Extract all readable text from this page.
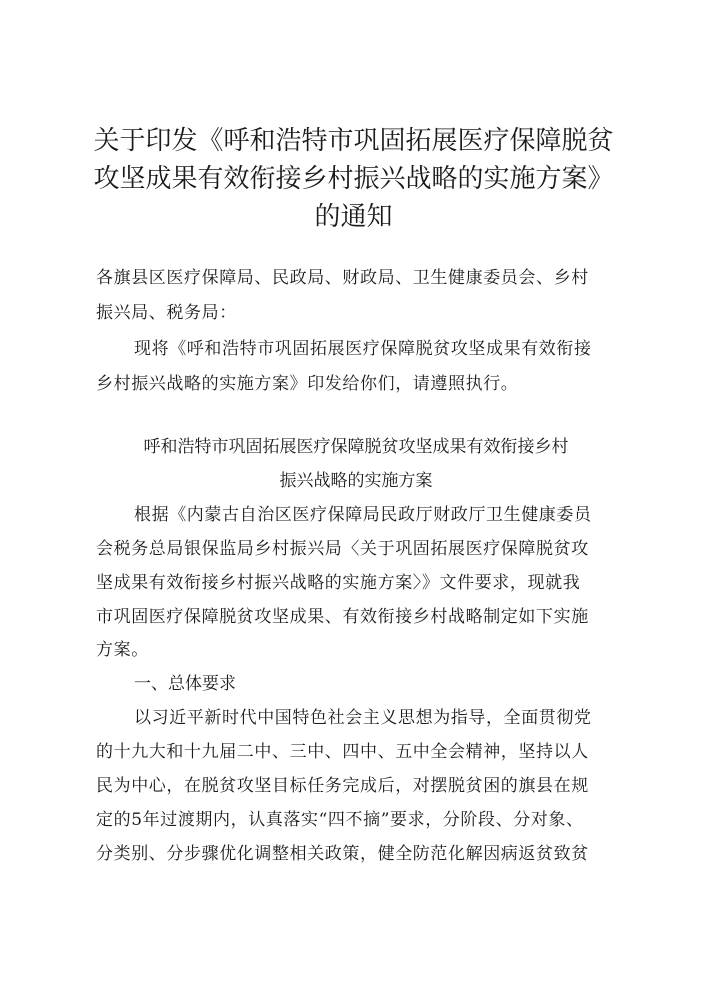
关于印发《呼和浩特市巩固拓展医疗保障脱贫
攻坚成果有效衔接乡村振兴战略的实施方案》
的通知
各旗县区医疗保障局、民政局、财政局、卫生健康委员会、乡村
振兴局、税务局：
现将《呼和浩特市巩固拓展医疗保障脱贫攻坚成果有效衔接
乡村振兴战略的实施方案》印发给你们，请遵照执行。
呼和浩特市巩固拓展医疗保障脱贫攻坚成果有效衔接乡村
振兴战略的实施方案
根据《内蒙古自治区医疗保障局民政厅财政厅卫生健康委员
会税务总局银保监局乡村振兴局〈关于巩固拓展医疗保障脱贫攻
坚成果有效衔接乡村振兴战略的实施方案〉》文件要求，现就我
市巩固医疗保障脱贫攻坚成果、有效衔接乡村战略制定如下实施
方案。
一、总体要求
以习近平新时代中国特色社会主义思想为指导，全面贯彻党
的十九大和十九届二中、三中、四中、五中全会精神，坚持以人
民为中心，在脱贫攻坚目标任务完成后，对摆脱贫困的旗县在规
定的5年过渡期内，认真落实“四不摘”要求，分阶段、分对象、
分类别、分步骤优化调整相关政策，健全防范化解因病返贫致贫
